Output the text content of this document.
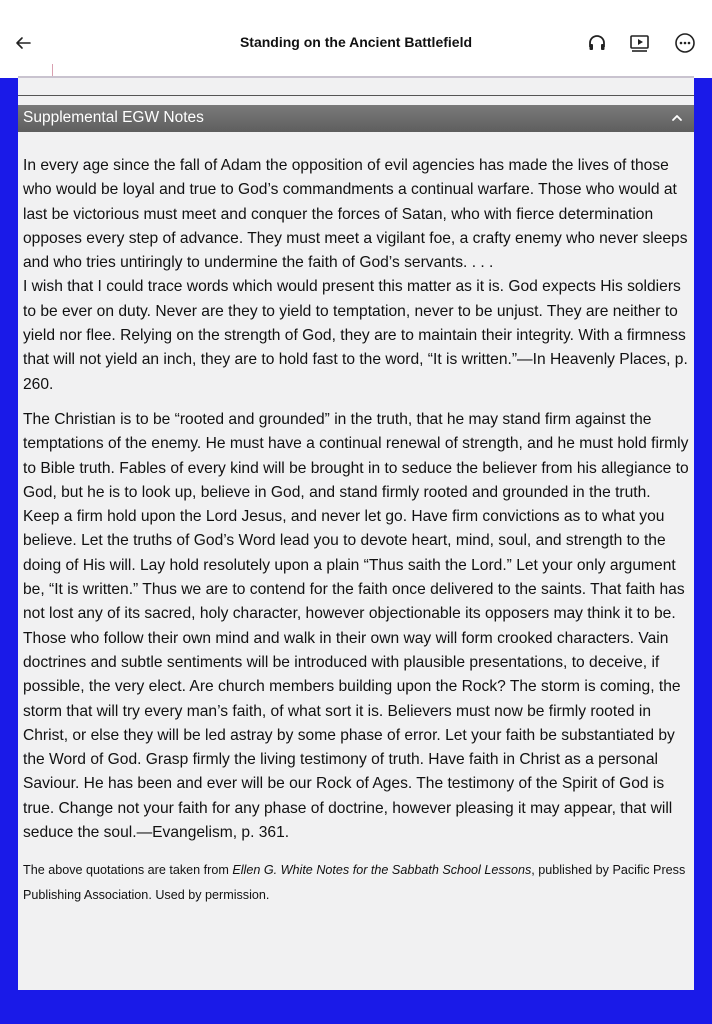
Standing on the Ancient Battlefield
Supplemental EGW Notes

In every age since the fall of Adam the opposition of evil agencies has made the lives of those who would be loyal and true to God’s commandments a continual warfare. Those who would at last be victorious must meet and conquer the forces of Satan, who with fierce determination opposes every step of advance. They must meet a vigilant foe, a crafty enemy who never sleeps and who tries untiringly to undermine the faith of God’s servants. . . .

I wish that I could trace words which would present this matter as it is. God expects His soldiers to be ever on duty. Never are they to yield to temptation, never to be unjust. They are neither to yield nor flee. Relying on the strength of God, they are to maintain their integrity. With a firmness that will not yield an inch, they are to hold fast to the word, “It is written.”—In Heavenly Places, p. 260.

The Christian is to be “rooted and grounded” in the truth, that he may stand firm against the temptations of the enemy. He must have a continual renewal of strength, and he must hold firmly to Bible truth. Fables of every kind will be brought in to seduce the believer from his allegiance to God, but he is to look up, believe in God, and stand firmly rooted and grounded in the truth.

Keep a firm hold upon the Lord Jesus, and never let go. Have firm convictions as to what you believe. Let the truths of God’s Word lead you to devote heart, mind, soul, and strength to the doing of His will. Lay hold resolutely upon a plain “Thus saith the Lord.” Let your only argument be, “It is written.” Thus we are to contend for the faith once delivered to the saints. That faith has not lost any of its sacred, holy character, however objectionable its opposers may think it to be.

Those who follow their own mind and walk in their own way will form crooked characters. Vain doctrines and subtle sentiments will be introduced with plausible presentations, to deceive, if possible, the very elect. Are church members building upon the Rock? The storm is coming, the storm that will try every man’s faith, of what sort it is. Believers must now be firmly rooted in Christ, or else they will be led astray by some phase of error. Let your faith be substantiated by the Word of God. Grasp firmly the living testimony of truth. Have faith in Christ as a personal Saviour. He has been and ever will be our Rock of Ages. The testimony of the Spirit of God is true. Change not your faith for any phase of doctrine, however pleasing it may appear, that will seduce the soul.—Evangelism, p. 361.

The above quotations are taken from Ellen G. White Notes for the Sabbath School Lessons, published by Pacific Press Publishing Association. Used by permission.
